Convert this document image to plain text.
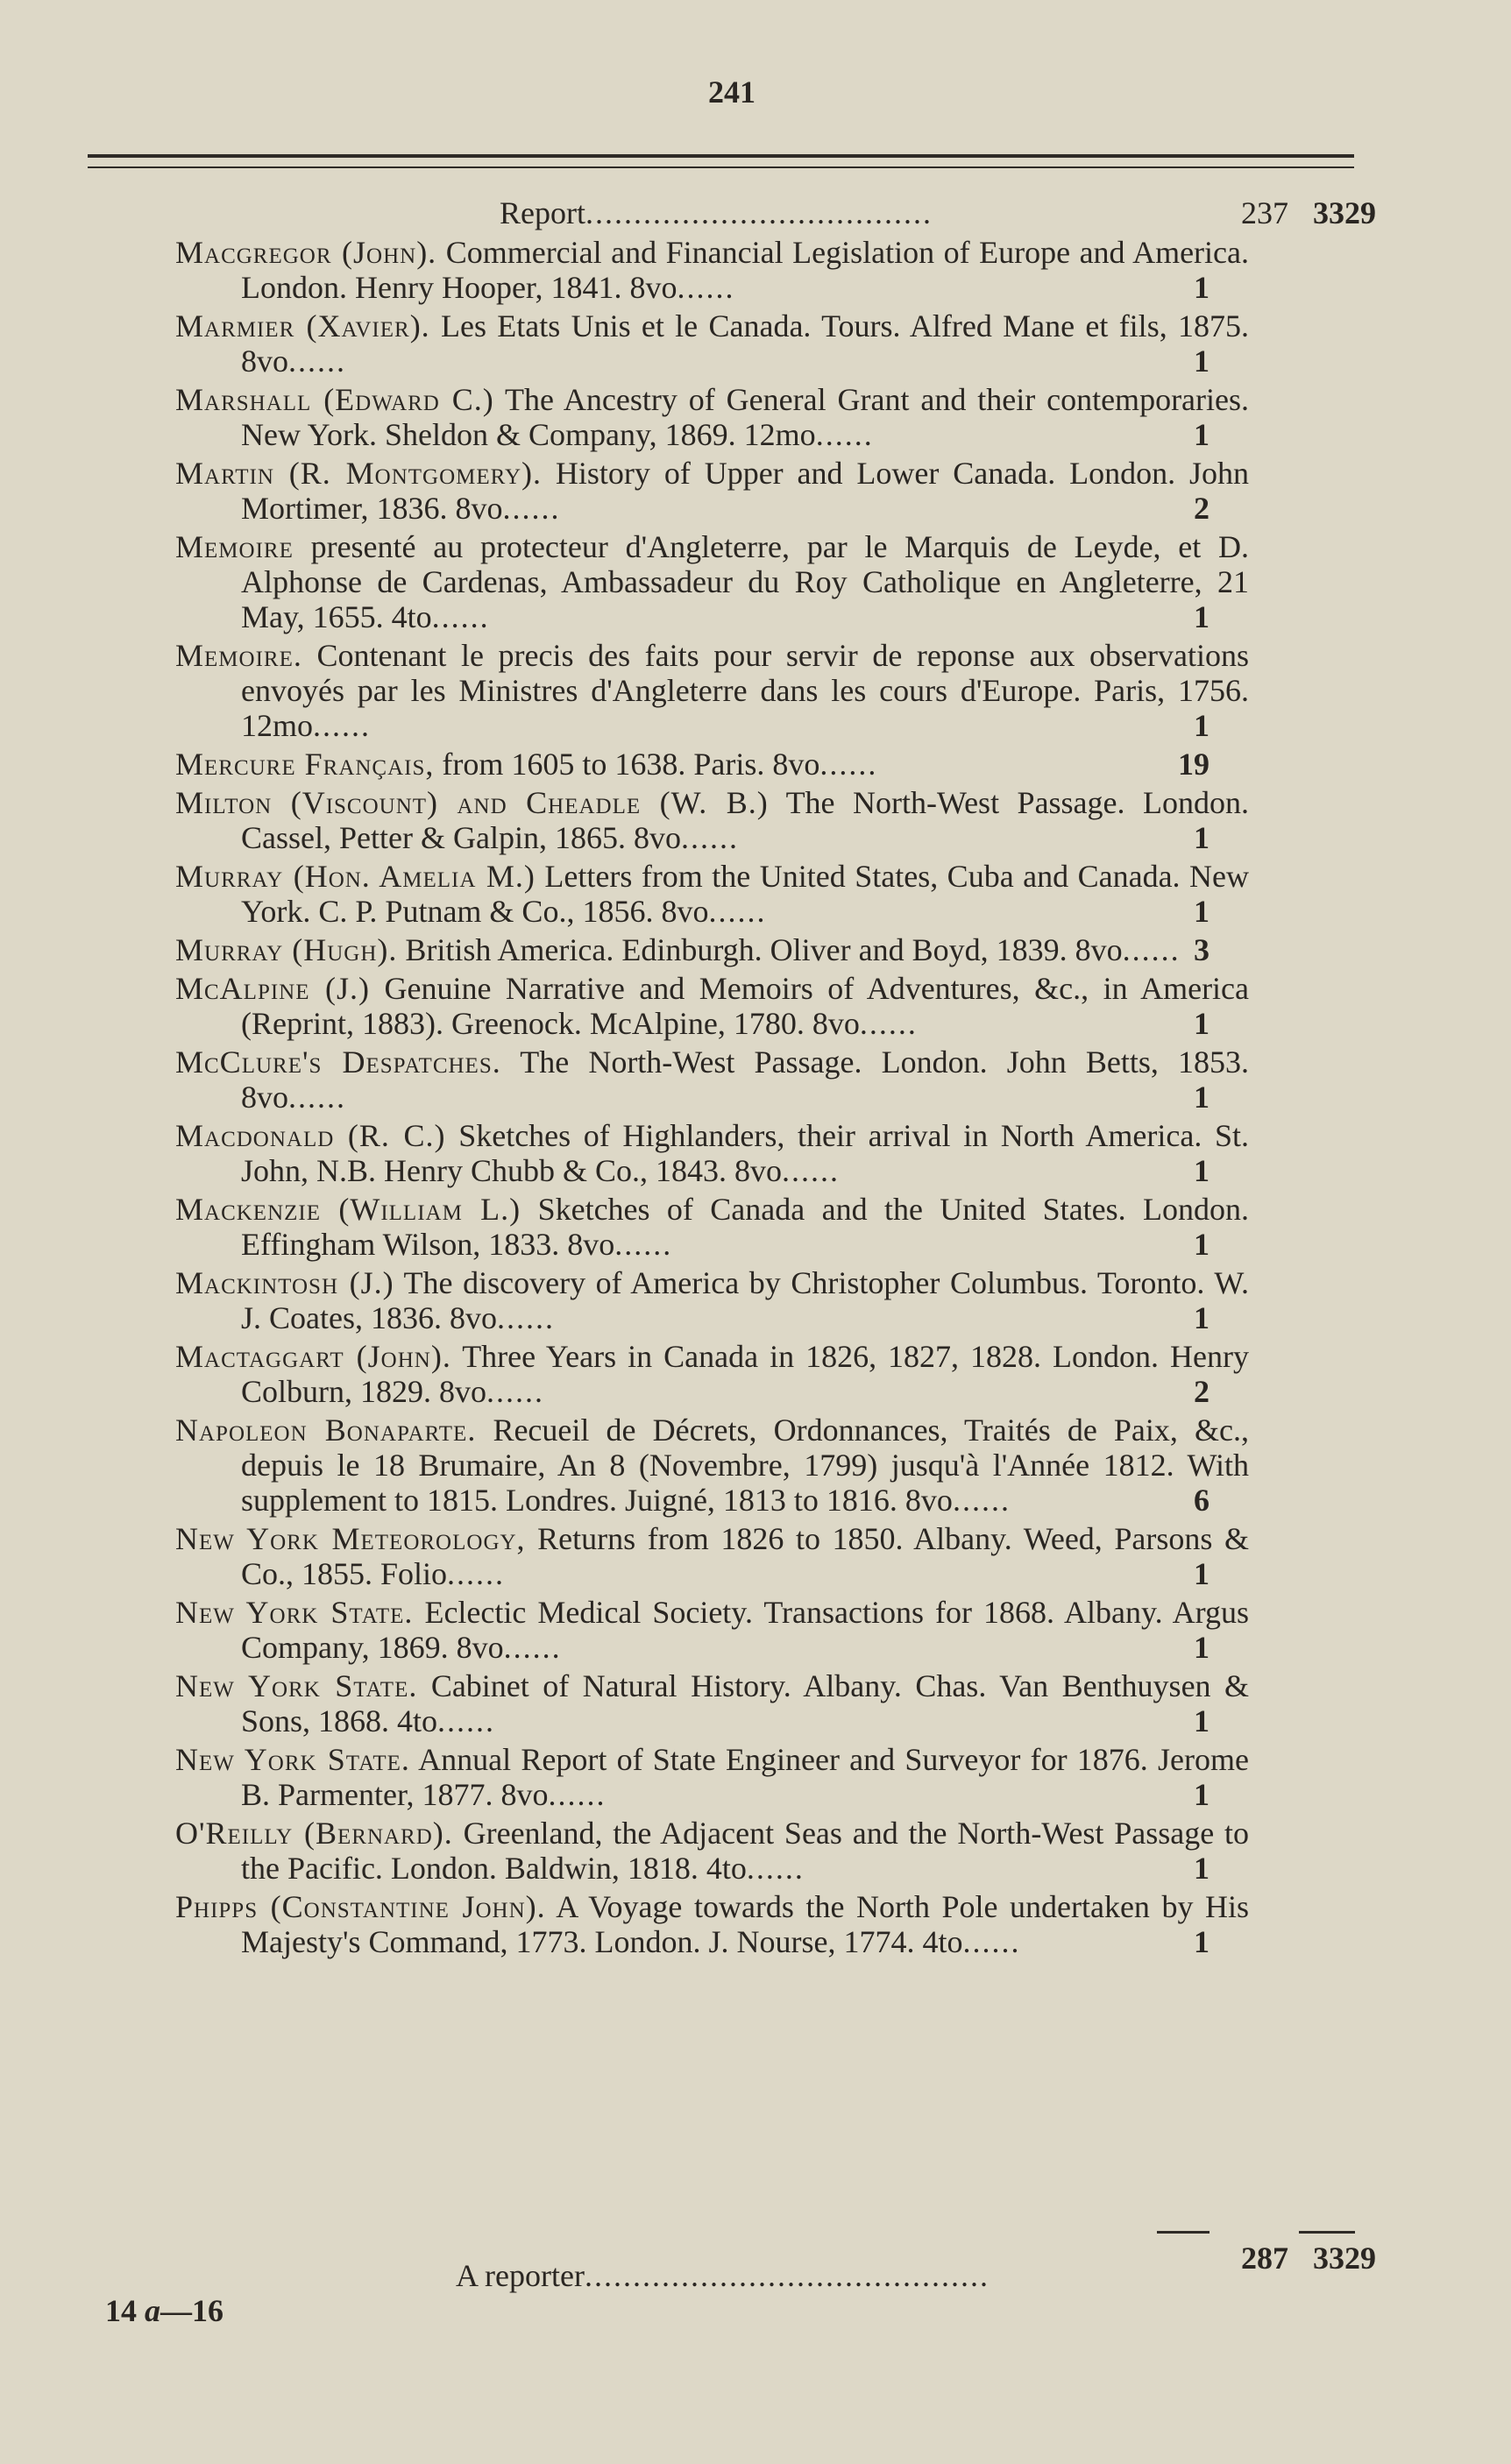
241
Report....................................	237 3329
Macgregor (John). Commercial and Financial Legislation of Europe and America. London. Henry Hooper, 1841. 8vo......	1
Marmier (Xavier). Les Etats Unis et le Canada. Tours. Alfred Mane et fils, 1875. 8vo......	1
Marshall (Edward C.) The Ancestry of General Grant and their contemporaries. New York. Sheldon & Company, 1869. 12mo......	1
Martin (R. Montgomery). History of Upper and Lower Canada. London. John Mortimer, 1836. 8vo......	2
Memoire presenté au protecteur d'Angleterre, par le Marquis de Leyde, et D. Alphonse de Cardenas, Ambassadeur du Roy Catholique en Angleterre, 21 May, 1655. 4to......	1
Memoire. Contenant le precis des faits pour servir de reponse aux observations envoyés par les Ministres d'Angleterre dans les cours d'Europe. Paris, 1756. 12mo......	1
Mercure Français, from 1605 to 1638. Paris. 8vo......	19
Milton (Viscount) and Cheadle (W. B.) The North-West Passage. London. Cassel, Petter & Galpin, 1865. 8vo......	1
Murray (Hon. Amelia M.) Letters from the United States, Cuba and Canada. New York. C. P. Putnam & Co., 1856. 8vo......	1
Murray (Hugh). British America. Edinburgh. Oliver and Boyd, 1839. 8vo...... 3
McAlpine (J.) Genuine Narrative and Memoirs of Adventures, &c., in America (Reprint, 1883). Greenock. McAlpine, 1780. 8vo......	1
McClure's Despatches. The North-West Passage. London. John Betts, 1853. 8vo......	1
Macdonald (R. C.) Sketches of Highlanders, their arrival in North America. St. John, N.B. Henry Chubb & Co., 1843. 8vo......	1
Mackenzie (William L.) Sketches of Canada and the United States. London. Effingham Wilson, 1833. 8vo......	1
Mackintosh (J.) The discovery of America by Christopher Columbus. Toronto. W. J. Coates, 1836. 8vo......	1
Mactaggart (John). Three Years in Canada in 1826, 1827, 1828. London. Henry Colburn, 1829. 8vo......	2
Napoleon Bonaparte. Recueil de Décrets, Ordonnances, Traités de Paix, &c., depuis le 18 Brumaire, An 8 (Novembre, 1799) jusqu'à l'Année 1812. With supplement to 1815. Londres. Juigné, 1813 to 1816. 8vo......	6
New York Meteorology, Returns from 1826 to 1850. Albany. Weed, Parsons & Co., 1855. Folio......	1
New York State. Eclectic Medical Society. Transactions for 1868. Albany. Argus Company, 1869. 8vo......	1
New York State. Cabinet of Natural History. Albany. Chas. Van Benthuysen & Sons, 1868. 4to......	1
New York State. Annual Report of State Engineer and Surveyor for 1876. Jerome B. Parmenter, 1877. 8vo......	1
O'Reilly (Bernard). Greenland, the Adjacent Seas and the North-West Passage to the Pacific. London. Baldwin, 1818. 4to......	1
Phipps (Constantine John). A Voyage towards the North Pole undertaken by His Majesty's Command, 1773. London. J. Nourse, 1774. 4to......	1
A reporter..........................................	287 3329
14 a—16
